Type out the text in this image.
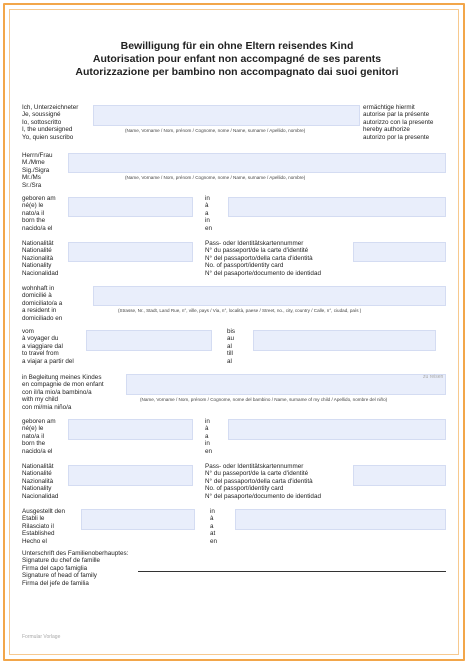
Bewilligung für ein ohne Eltern reisendes Kind
Autorisation pour enfant non accompagné de ses parents
Autorizzazione per bambino non accompagnato dai suoi genitori
Ich, Unterzeichneter
Je, soussigné
Io, sottoscritto
I, the undersigned
Yo, quien suscribo
(Name, Vorname / Nom, prénom / Cognome, nome / Name, surname / Apellido, nombre)
ermächtige hiermit
autorise par la présente
autorizzo con la presente
hereby authorize
autorizo por la presente
Herrn/Frau
M./Mme
Sig./Sigra
Mr./Ms
Sr./Sra
(Name, Vorname / Nom, prénom / Cognome, nome / Name, surname / Apellido, nombre)
geboren am
né(e) le
nato/a il
born the
nacido/a el
in
à
a
in
en
Nationalität
Nationalité
Nazionalità
Nationality
Nacionalidad
Pass- oder Identitätskartennummer
N° du passeport/de la carte d'identité
N° del passaporto/della carta d'identità
No. of passport/identity card
N° del pasaporte/documento de identidad
wohnhaft in
domicilié à
domiciliato/a a
a resident in
domiciliado en
(Strasse, Nr., Stadt, Land Rue, n°, ville, pays / Via, n°, località, paese / Street, no., city, country / Calle, n°, ciudad, país )
vom
à voyager du
a viaggiare dal
to travel from
a viajar a partir del
bis
au
al
till
al
in Begleitung meines Kindes
en compagnie de mon enfant
con il/la mio/a bambino/a
with my child
con mi/mia niño/a
zu reisen
(Name, Vorname / Nom, prénom / Cognome, nome del bambino / Name, surname of my child / Apellido, nombre del niño)
geboren am
né(e) le
nato/a il
born the
nacido/a el
in
à
a
in
en
Nationalität
Nationalité
Nazionalità
Nationality
Nacionalidad
Pass- oder Identitätskartennummer
N° du passeport/de la carte d'identité
N° del passaporto/della carta d'identità
No. of passport/identity card
N° del pasaporte/documento de identidad
Ausgestellt den
Etabli le
Rilasciato il
Established
Hecho el
in
à
a
at
en
Unterschrift des Familienoberhauptes:
Signature du chef de famille
Firma del capo famiglia
Signature of head of family
Firma del jefe de familia
Formular Vorlage
